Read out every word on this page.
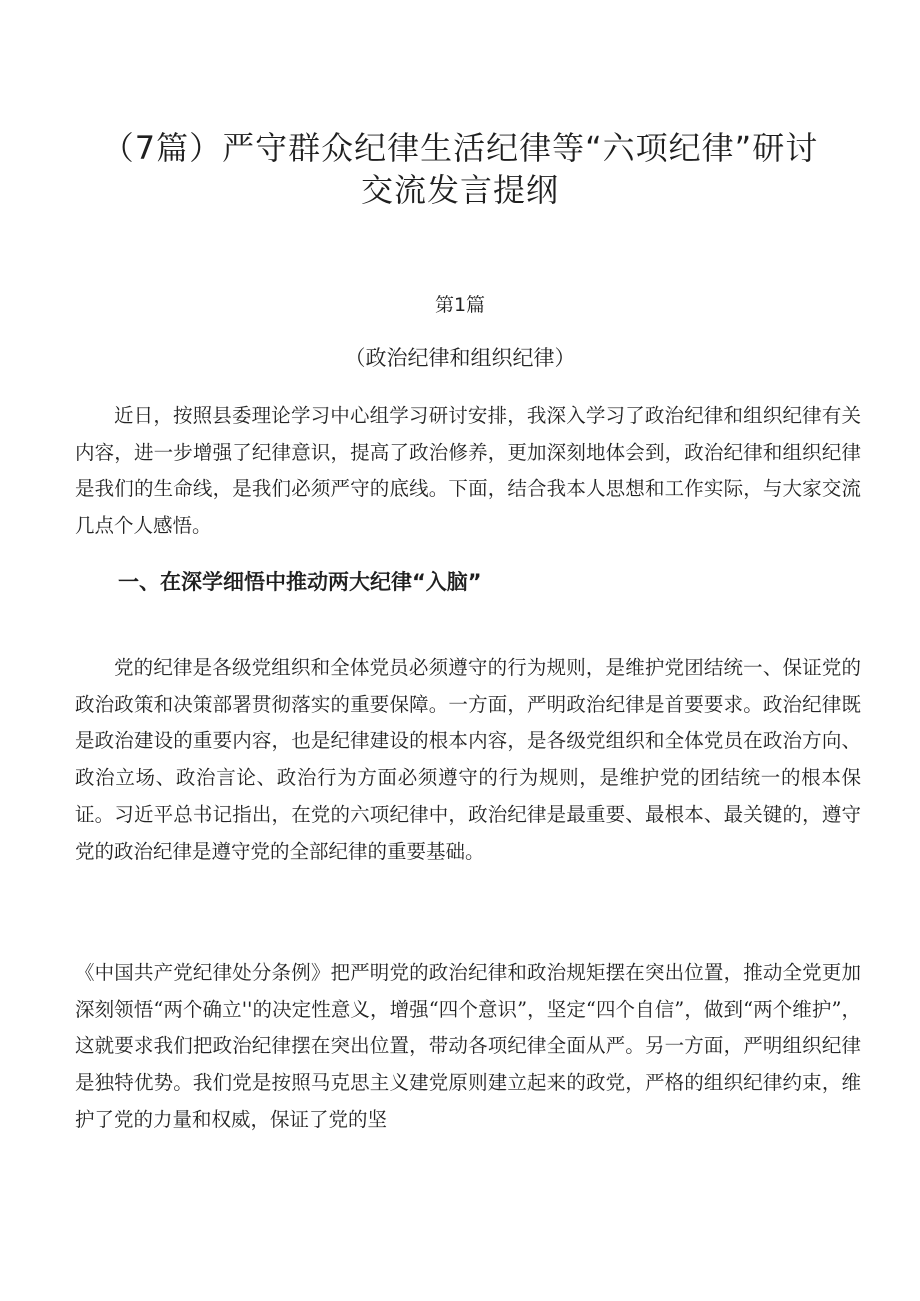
（7篇）严守群众纪律生活纪律等“六项纪律”研讨
交流发言提纲
第1篇
（政治纪律和组织纪律）

近日，按照县委理论学习中心组学习研讨安排，我深入学习了政治纪律和组织纪律有关内容，进一步增强了纪律意识，提高了政治修养，更加深刻地体会到，政治纪律和组织纪律是我们的生命线，是我们必须严守的底线。下面，结合我本人思想和工作实际，与大家交流几点个人感悟。

一、在深学细悟中推动两大纪律“入脑”

党的纪律是各级党组织和全体党员必须遵守的行为规则，是维护党团结统一、保证党的政治政策和决策部署贯彻落实的重要保障。一方面，严明政治纪律是首要要求。政治纪律既是政治建设的重要内容，也是纪律建设的根本内容，是各级党组织和全体党员在政治方向、政治立场、政治言论、政治行为方面必须遵守的行为规则，是维护党的团结统一的根本保证。习近平总书记指出，在党的六项纪律中，政治纪律是最重要、最根本、最关键的，遵守党的政治纪律是遵守党的全部纪律的重要基础。

《中国共产党纪律处分条例》把严明党的政治纪律和政治规矩摆在突出位置，推动全党更加深刻领悟“两个确立''的决定性意义，增强“四个意识”，坚定“四个自信”，做到“两个维护”，这就要求我们把政治纪律摆在突出位置，带动各项纪律全面从严。另一方面，严明组织纪律是独特优势。我们党是按照马克思主义建党原则建立起来的政党，严格的组织纪律约束，维护了党的力量和权威，保证了党的坚
